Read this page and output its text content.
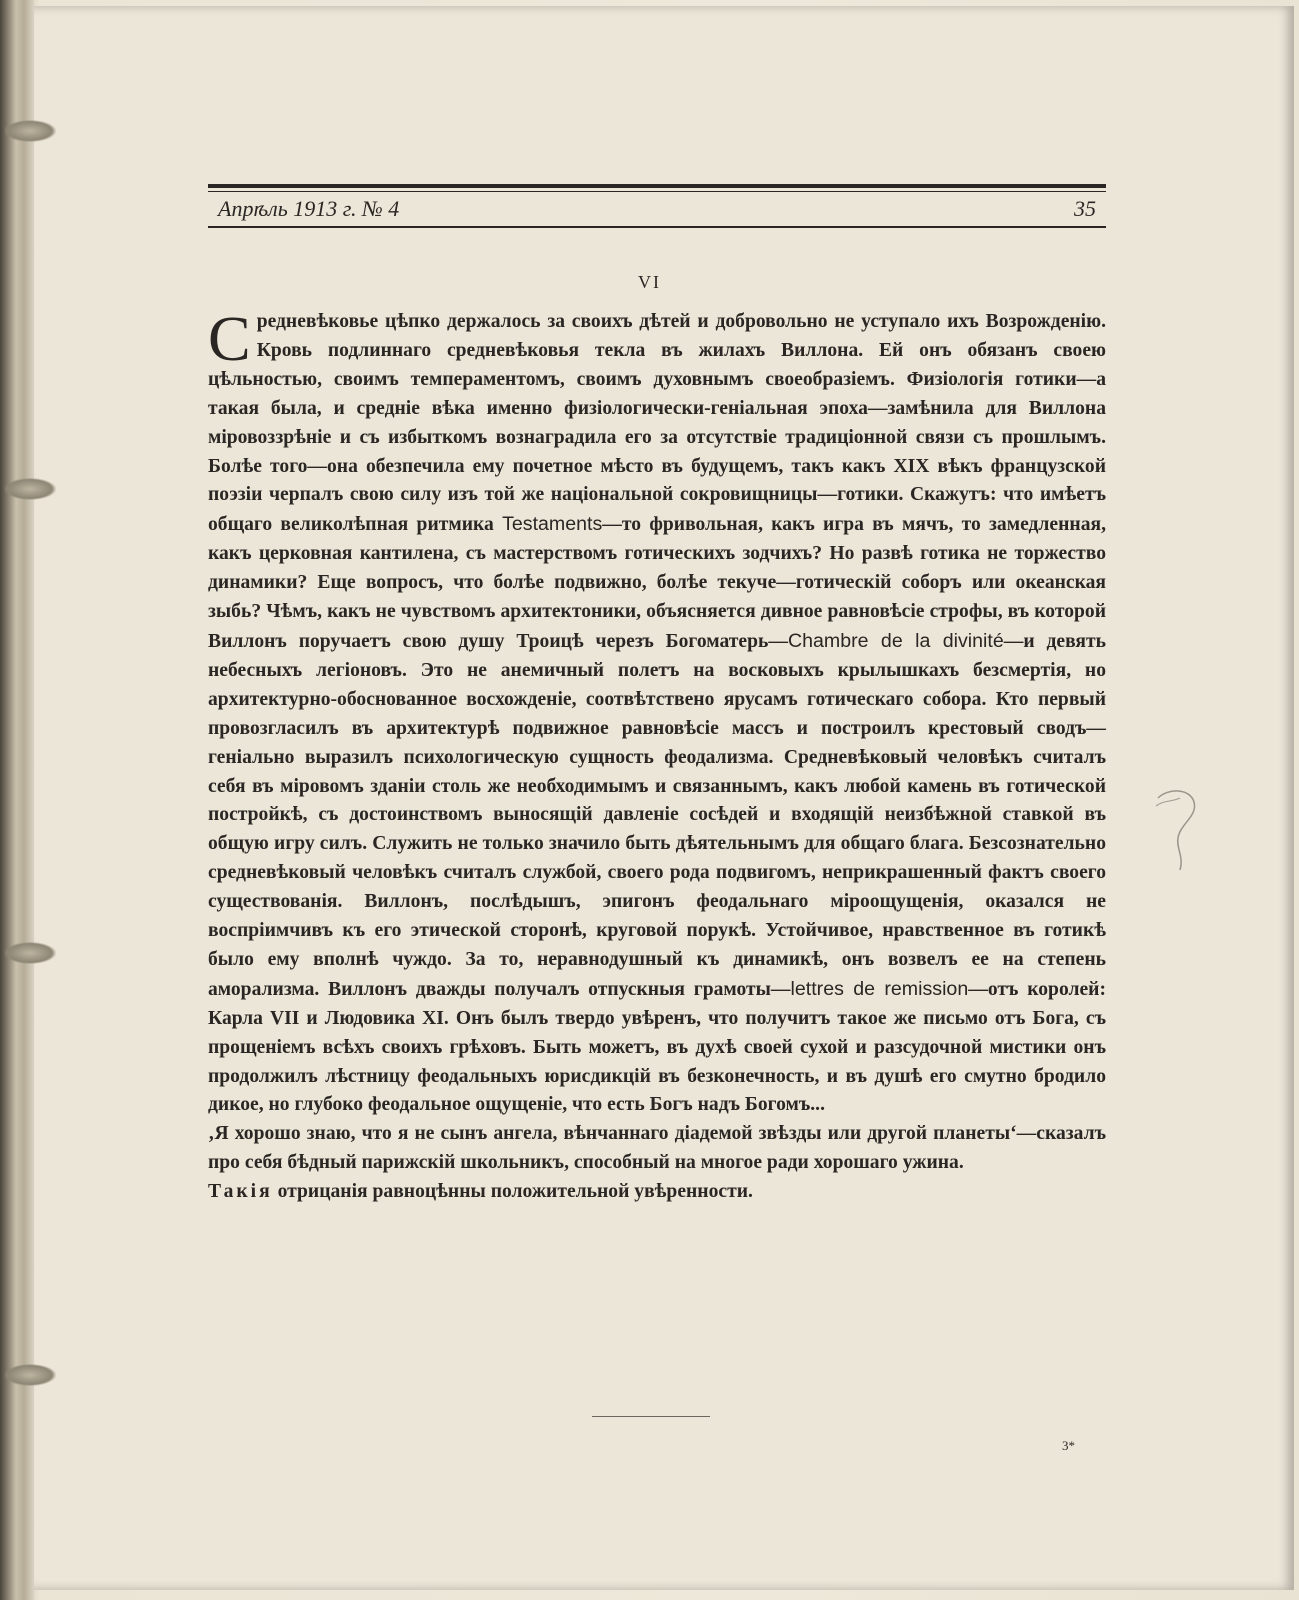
Апрѣль 1913 г. № 4	35
VI

Средневѣковье цѣпко держалось за своихъ дѣтей и добровольно не уступало ихъ Возрожденію. Кровь подлиннаго средневѣковья текла въ жилахъ Виллона. Ей онъ обязанъ своею цѣльностью, своимъ темпераментомъ, своимъ духовнымъ своеобразіемъ. Физіологія готики—а такая была, и средніе вѣка именно физіологически-геніальная эпоха—замѣнила для Виллона міровоззрѣніе и съ избыткомъ вознаградила его за отсутствіе традиціонной связи съ прошлымъ. Болѣе того—она обезпечила ему почетное мѣсто въ будущемъ, такъ какъ XIX вѣкъ французской поэзіи черпалъ свою силу изъ той же національной сокровищницы—готики. Скажутъ: что имѣетъ общаго великолѣпная ритмика Testaments—то фривольная, какъ игра въ мячъ, то замедленная, какъ церковная кантилена, съ мастерствомъ готическихъ зодчихъ? Но развѣ готика не торжество динамики? Еще вопросъ, что болѣе подвижно, болѣе текуче—готическій соборъ или океанская зыбь? Чѣмъ, какъ не чувствомъ архитектоники, объясняется дивное равновѣсіе строфы, въ которой Виллонъ поручаетъ свою душу Троицѣ черезъ Богоматерь—Chambre de la divinité—и девять небесныхъ легіоновъ. Это не анемичный полетъ на восковыхъ крылышкахъ безсмертія, но архитектурно-обоснованное восхожденіе, соотвѣтствено ярусамъ готическаго собора. Кто первый провозгласилъ въ архитектурѣ подвижное равновѣсіе массъ и построилъ крестовый сводъ—геніально выразилъ психологическую сущность феодализма. Средневѣковый человѣкъ считалъ себя въ міровомъ зданіи столь же необходимымъ и связаннымъ, какъ любой камень въ готической постройкѣ, съ достоинствомъ выносящій давленіе сосѣдей и входящій неизбѣжной ставкой въ общую игру силъ. Служить не только значило быть дѣятельнымъ для общаго блага. Безсознательно средневѣковый человѣкъ считалъ службой, своего рода подвигомъ, неприкрашенный фактъ своего существованія. Виллонъ, послѣдышъ, эпигонъ феодальнаго міроощущенія, оказался не воспріимчивъ къ его этической сторонѣ, круговой порукѣ. Устойчивое, нравственное въ готикѣ было ему вполнѣ чуждо. За то, неравнодушный къ динамикѣ, онъ возвелъ ее на степень аморализма. Виллонъ дважды получалъ отпускныя грамоты—lettres de remission—отъ королей: Карла VII и Людовика XI. Онъ былъ твердо увѣренъ, что получитъ такое же письмо отъ Бога, съ прощеніемъ всѣхъ своихъ грѣховъ. Быть можетъ, въ духѣ своей сухой и разсудочной мистики онъ продолжилъ лѣстницу феодальныхъ юрисдикцій въ безконечность, и въ душѣ его смутно бродило дикое, но глубоко феодальное ощущеніе, что есть Богъ надъ Богомъ...

‚Я хорошо знаю, что я не сынъ ангела, вѣнчаннаго діадемой звѣзды или другой планеты‘—сказалъ про себя бѣдный парижскій школьникъ, способный на многое ради хорошаго ужина.

Такія отрицанія равноцѣнны положительной увѣренности.

3*
